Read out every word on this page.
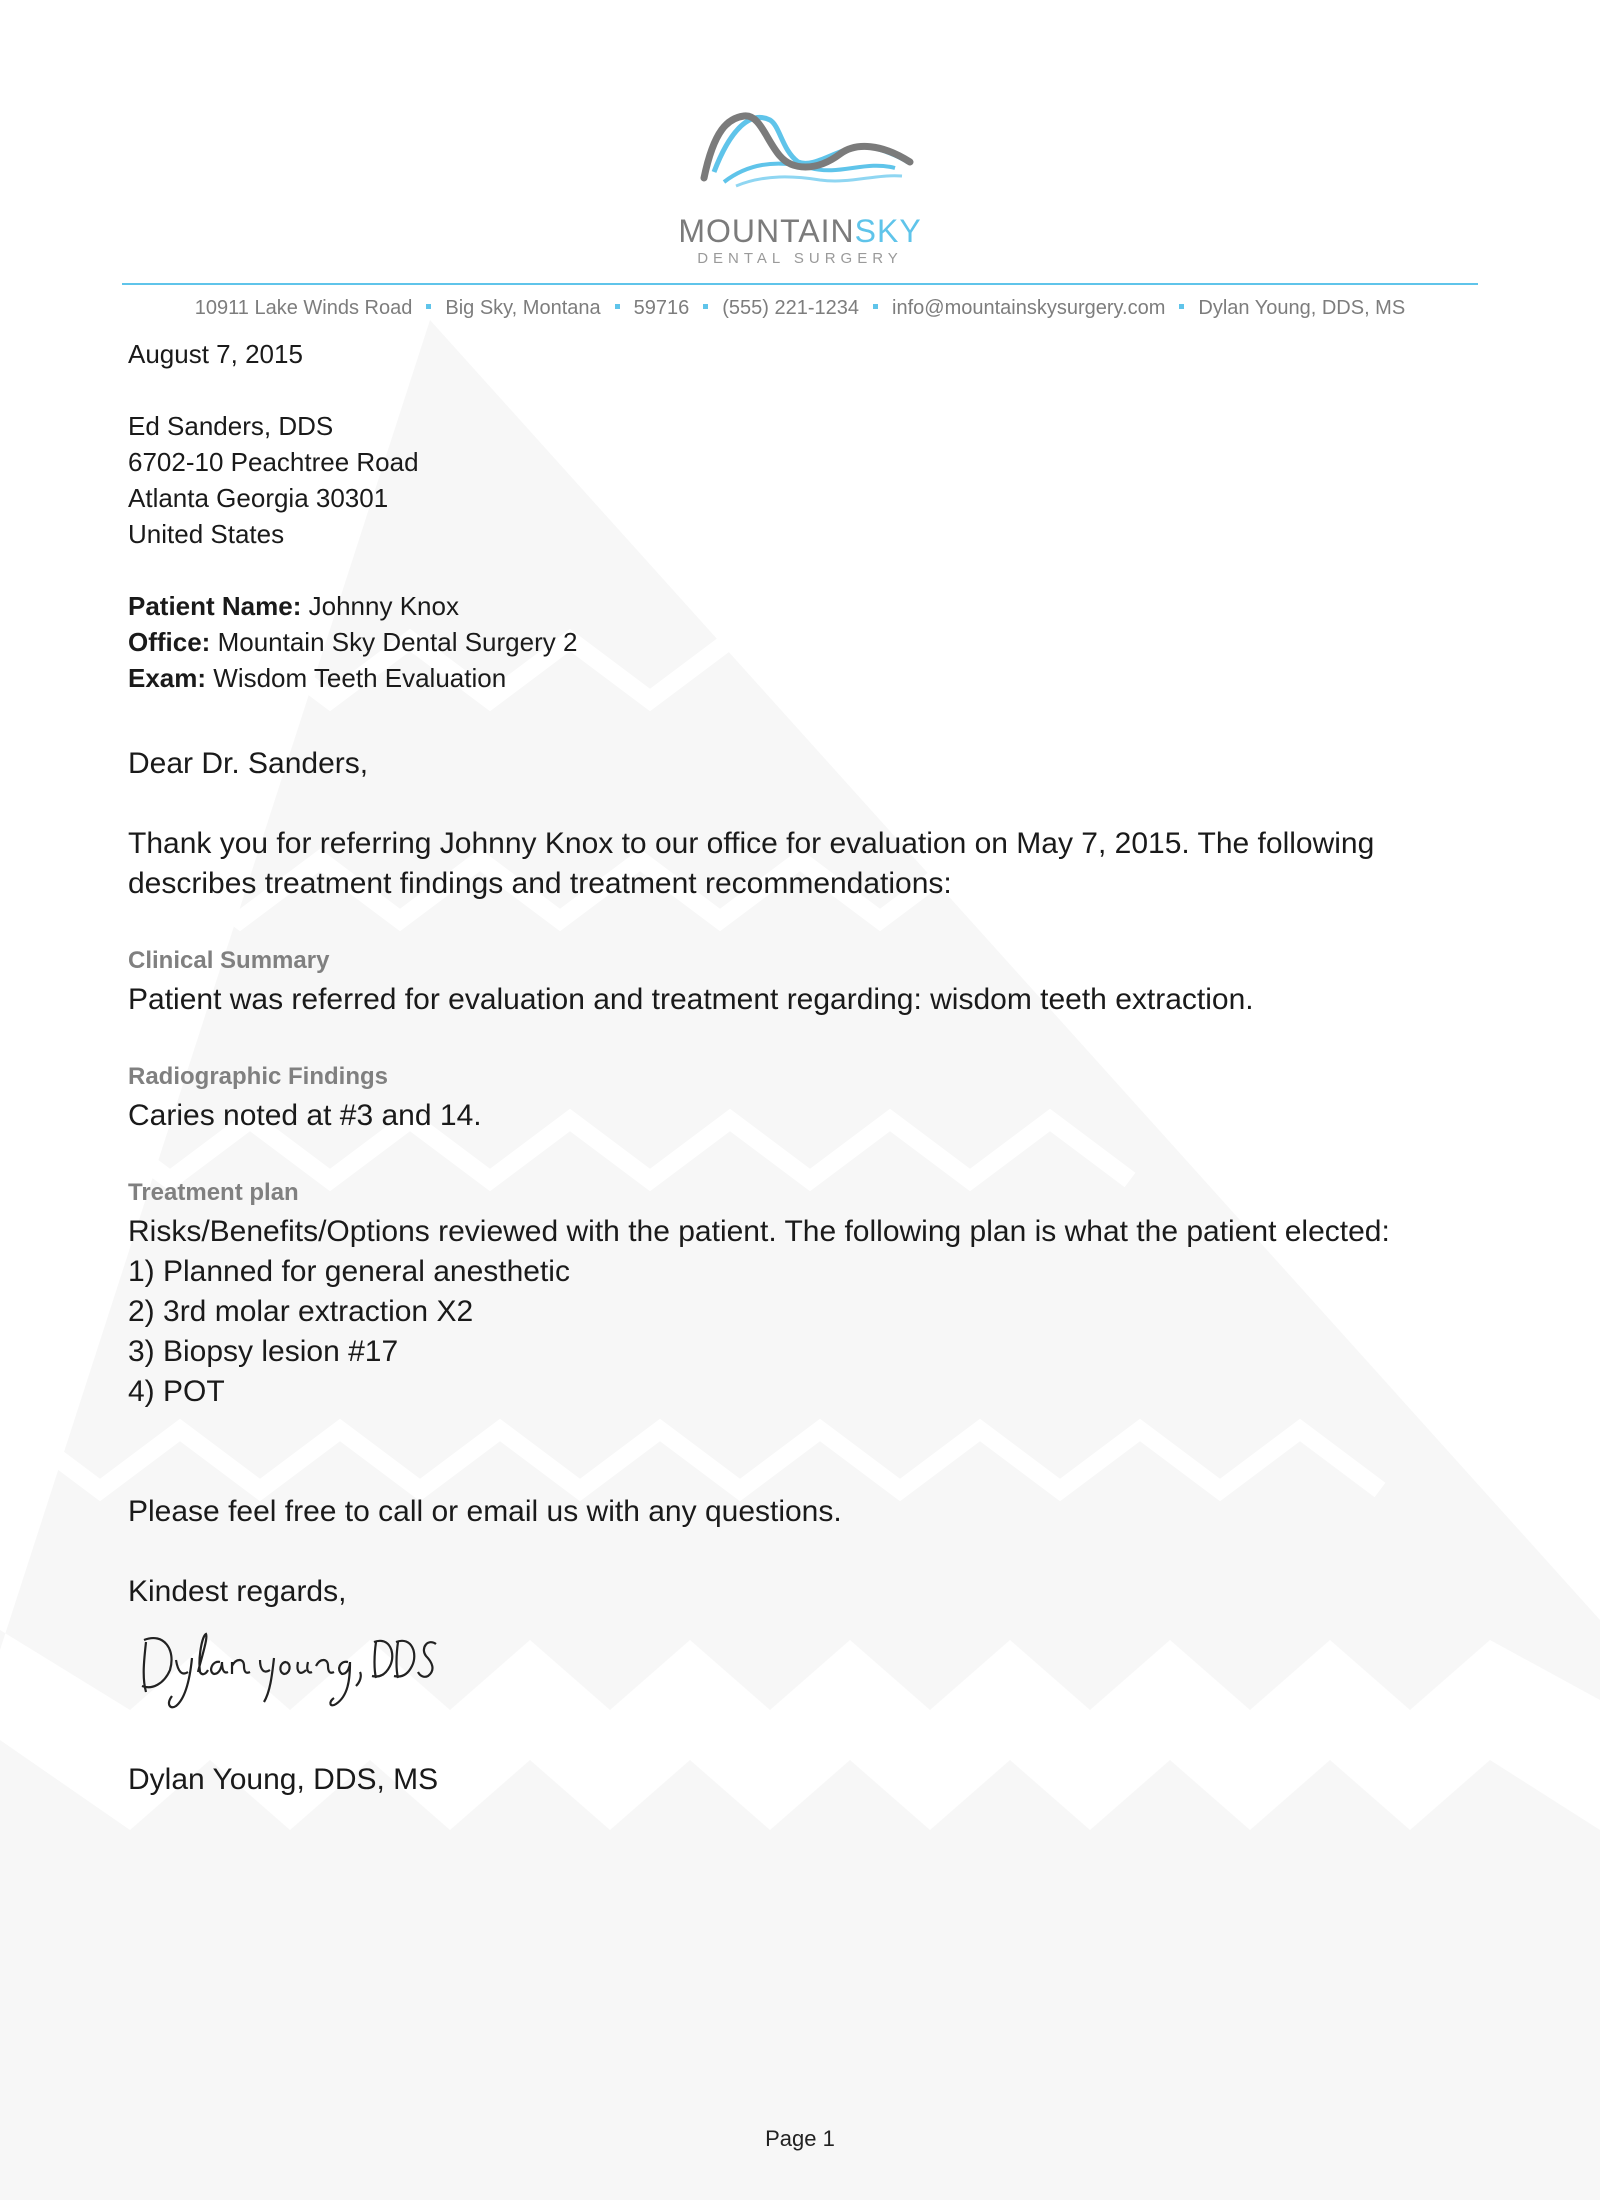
MOUNTAINSKY
DENTAL SURGERY
10911 Lake Winds Road Big Sky, Montana 59716 (555) 221-1234 info@mountainskysurgery.com Dylan Young, DDS, MS
August 7, 2015
Ed Sanders, DDS
6702-10 Peachtree Road
Atlanta Georgia 30301
United States
Patient Name: Johnny Knox
Office: Mountain Sky Dental Surgery 2
Exam: Wisdom Teeth Evaluation
Dear Dr. Sanders,
Thank you for referring Johnny Knox to our office for evaluation on May 7, 2015. The following
describes treatment findings and treatment recommendations:
Clinical Summary
Patient was referred for evaluation and treatment regarding: wisdom teeth extraction.
Radiographic Findings
Caries noted at #3 and 14.
Treatment plan
Risks/Benefits/Options reviewed with the patient. The following plan is what the patient elected:
1) Planned for general anesthetic
2) 3rd molar extraction X2
3) Biopsy lesion #17
4) POT
Please feel free to call or email us with any questions.
Kindest regards,
Dylan Young, DDS, MS
Page 1
